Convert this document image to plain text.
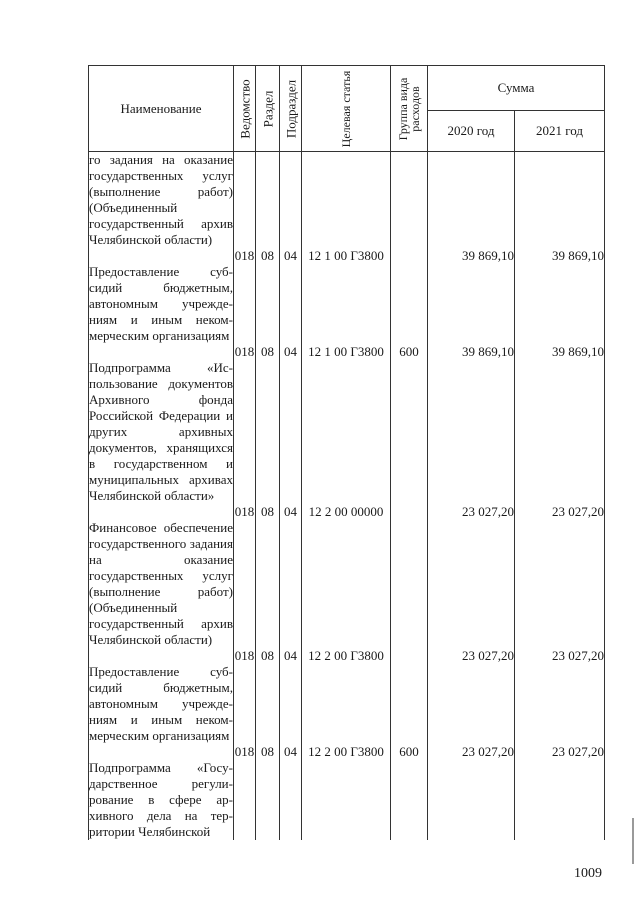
Наименование	Ведомство	Раздел	Подраздел	Целевая статья	Группа вида расходов	Сумма	
						2020 год	2021 год
го задания на оказание государственных услуг (выполнение работ) (Объединенный государственный архив Челябинской области)	018	08	04	12 1 00 Г3800		39 869,10	39 869,10
Предоставление субсидий бюджетным, автономным учреждениям и иным некоммерческим организациям	018	08	04	12 1 00 Г3800	600	39 869,10	39 869,10
Подпрограмма «Использование документов Архивного фонда Российской Федерации и других архивных документов, хранящихся в государственном и муниципальных архивах Челябинской области»	018	08	04	12 2 00 00000		23 027,20	23 027,20
Финансовое обеспечение государственного задания на оказание государственных услуг (выполнение работ) (Объединенный государственный архив Челябинской области)	018	08	04	12 2 00 Г3800		23 027,20	23 027,20
Предоставление субсидий бюджетным, автономным учреждениям и иным некоммерческим организациям	018	08	04	12 2 00 Г3800	600	23 027,20	23 027,20
Подпрограмма «Государственное регулирование в сфере архивного дела на территории Челябинской							
1009
